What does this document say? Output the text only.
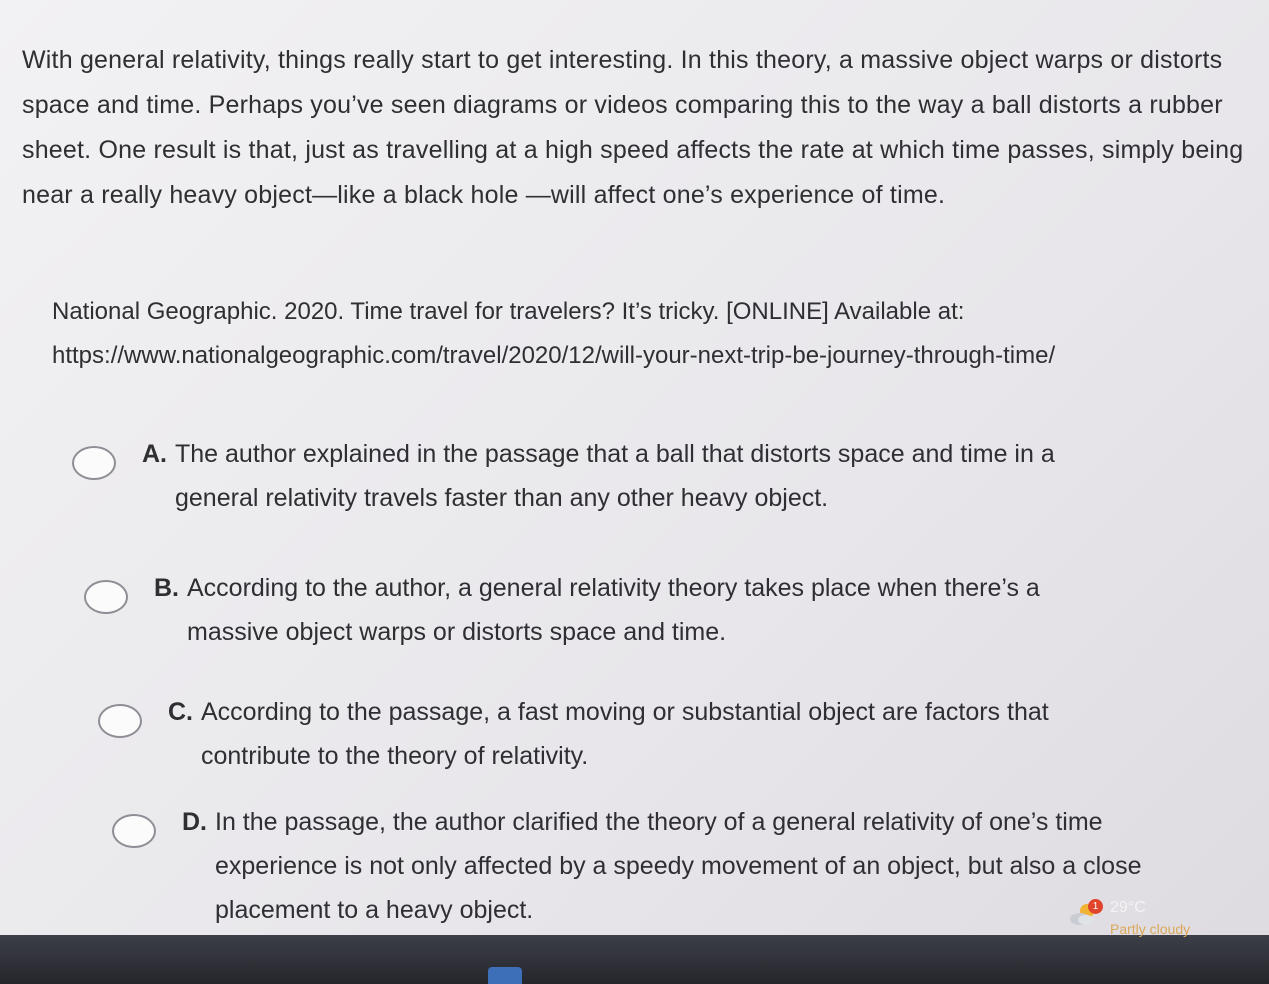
With general relativity, things really start to get interesting. In this theory, a massive object warps or distorts space and time. Perhaps you’ve seen diagrams or videos comparing this to the way a ball distorts a rubber sheet. One result is that, just as travelling at a high speed affects the rate at which time passes, simply being near a really heavy object—like a black hole —will affect one’s experience of time.
National Geographic. 2020. Time travel for travelers? It’s tricky. [ONLINE] Available at:
https://www.nationalgeographic.com/travel/2020/12/will-your-next-trip-be-journey-through-time/
A. The author explained in the passage that a ball that distorts space and time in a general relativity travels faster than any other heavy object.
B. According to the author, a general relativity theory takes place when there’s a massive object warps or distorts space and time.
C. According to the passage, a fast moving or substantial object are factors that contribute to the theory of relativity.
D. In the passage, the author clarified the theory of a general relativity of one’s time experience is not only affected by a speedy movement of an object, but also a close placement to a heavy object.	1 29°C
Partly cloudy
